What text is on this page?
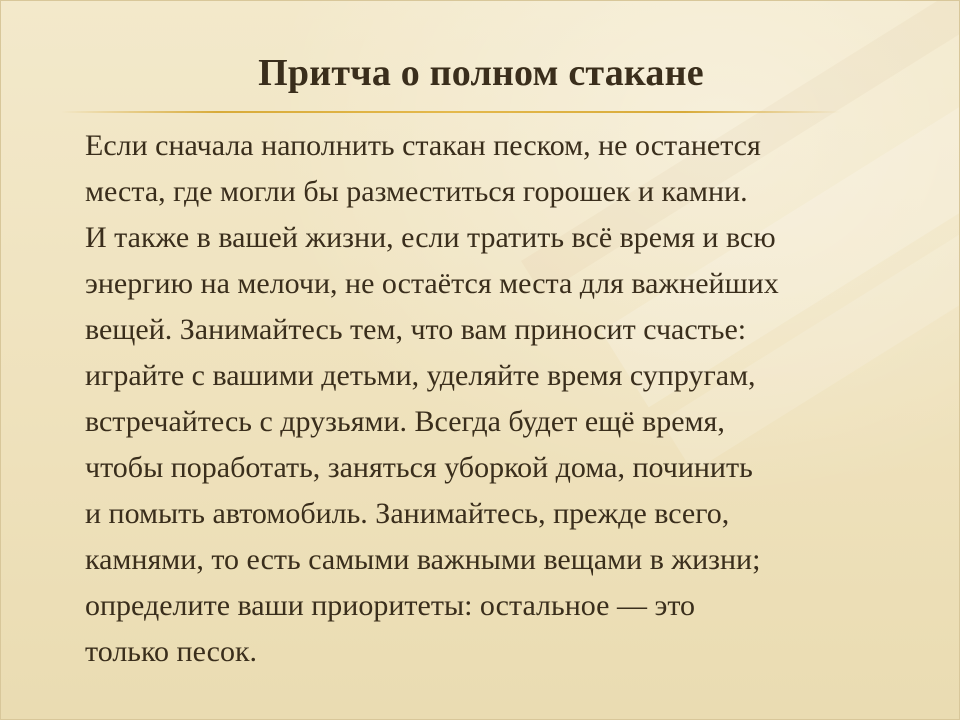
Притча о полном стакане
Если сначала наполнить стакан песком, не останется
места, где могли бы разместиться горошек и камни.
И также в вашей жизни, если тратить всё время и всю
энергию на мелочи, не остаётся места для важнейших
вещей. Занимайтесь тем, что вам приносит счастье:
играйте с вашими детьми, уделяйте время супругам,
встречайтесь с друзьями. Всегда будет ещё время,
чтобы поработать, заняться уборкой дома, починить
и помыть автомобиль. Занимайтесь, прежде всего,
камнями, то есть самыми важными вещами в жизни;
определите ваши приоритеты: остальное — это
только песок.
